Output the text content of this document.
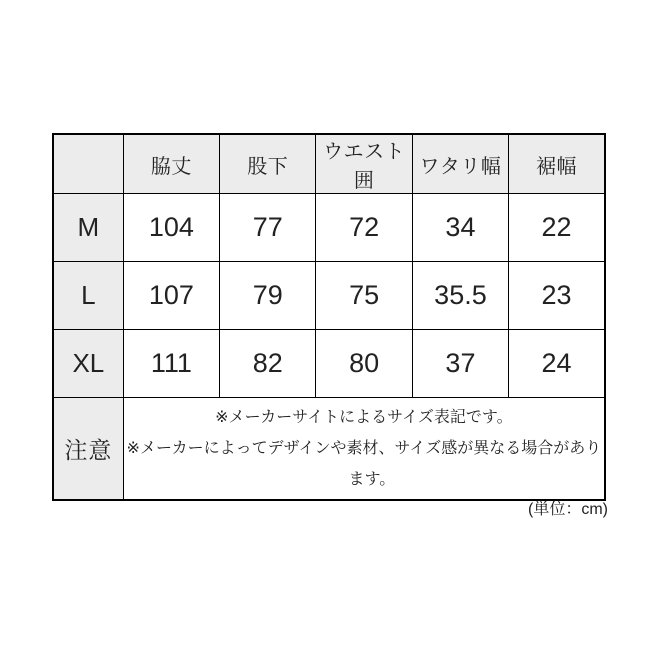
	脇丈	股下	ウエスト囲	ワタリ幅	裾幅
M	104	77	72	34	22
L	107	79	75	35.5	23
XL	111	82	80	37	24
注意	※メーカーサイトによるサイズ表記です。
※メーカーによってデザインや素材、サイズ感が異なる場合があります。				
(単位：cm)
